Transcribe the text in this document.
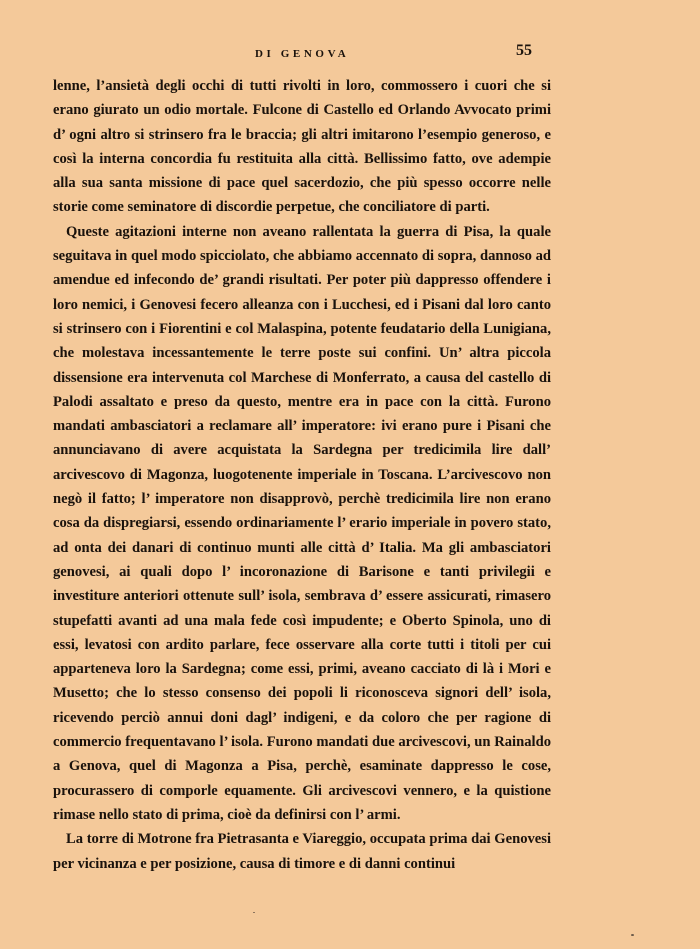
DI GENOVA	55

lenne, l’ansietà degli occhi di tutti rivolti in loro, commossero i cuori che si erano giurato un odio mortale. Fulcone di Castello ed Orlando Avvocato primi d’ ogni altro si strinsero fra le braccia; gli altri imitarono l’esempio generoso, e così la interna concordia fu restituita alla città. Bellissimo fatto, ove adempie alla sua santa missione di pace quel sacerdozio, che più spesso occorre nelle storie come seminatore di discordie perpetue, che conciliatore di parti.

Queste agitazioni interne non aveano rallentata la guerra di Pisa, la quale seguitava in quel modo spicciolato, che abbiamo accennato di sopra, dannoso ad amendue ed infecondo de’ grandi risultati. Per poter più dappresso offendere i loro nemici, i Genovesi fecero alleanza con i Lucchesi, ed i Pisani dal loro canto si strinsero con i Fiorentini e col Malaspina, potente feudatario della Lunigiana, che molestava incessantemente le terre poste sui confini. Un’ altra piccola dissensione era intervenuta col Marchese di Monferrato, a causa del castello di Palodi assaltato e preso da questo, mentre era in pace con la città. Furono mandati ambasciatori a reclamare all’ imperatore: ivi erano pure i Pisani che annunciavano di avere acquistata la Sardegna per tredicimila lire dall’ arcivescovo di Magonza, luogotenente imperiale in Toscana. L’arcivescovo non negò il fatto; l’ imperatore non disapprovò, perchè tredicimila lire non erano cosa da dispregiarsi, essendo ordinariamente l’ erario imperiale in povero stato, ad onta dei danari di continuo munti alle città d’ Italia. Ma gli ambasciatori genovesi, ai quali dopo l’ incoronazione di Barisone e tanti privilegii e investiture anteriori ottenute sull’ isola, sembrava d’ essere assicurati, rimasero stupefatti avanti ad una mala fede così impudente; e Oberto Spinola, uno di essi, levatosi con ardito parlare, fece osservare alla corte tutti i titoli per cui apparteneva loro la Sardegna; come essi, primi, aveano cacciato di là i Mori e Musetto; che lo stesso consenso dei popoli li riconosceva signori dell’ isola, ricevendo perciò annui doni dagl’ indigeni, e da coloro che per ragione di commercio frequentavano l’ isola. Furono mandati due arcivescovi, un Rainaldo a Genova, quel di Magonza a Pisa, perchè, esaminate dappresso le cose, procurassero di comporle equamente. Gli arcivescovi vennero, e la quistione rimase nello stato di prima, cioè da definirsi con l’ armi.

La torre di Motrone fra Pietrasanta e Viareggio, occupata prima dai Genovesi per vicinanza e per posizione, causa di timore e di danni continui
